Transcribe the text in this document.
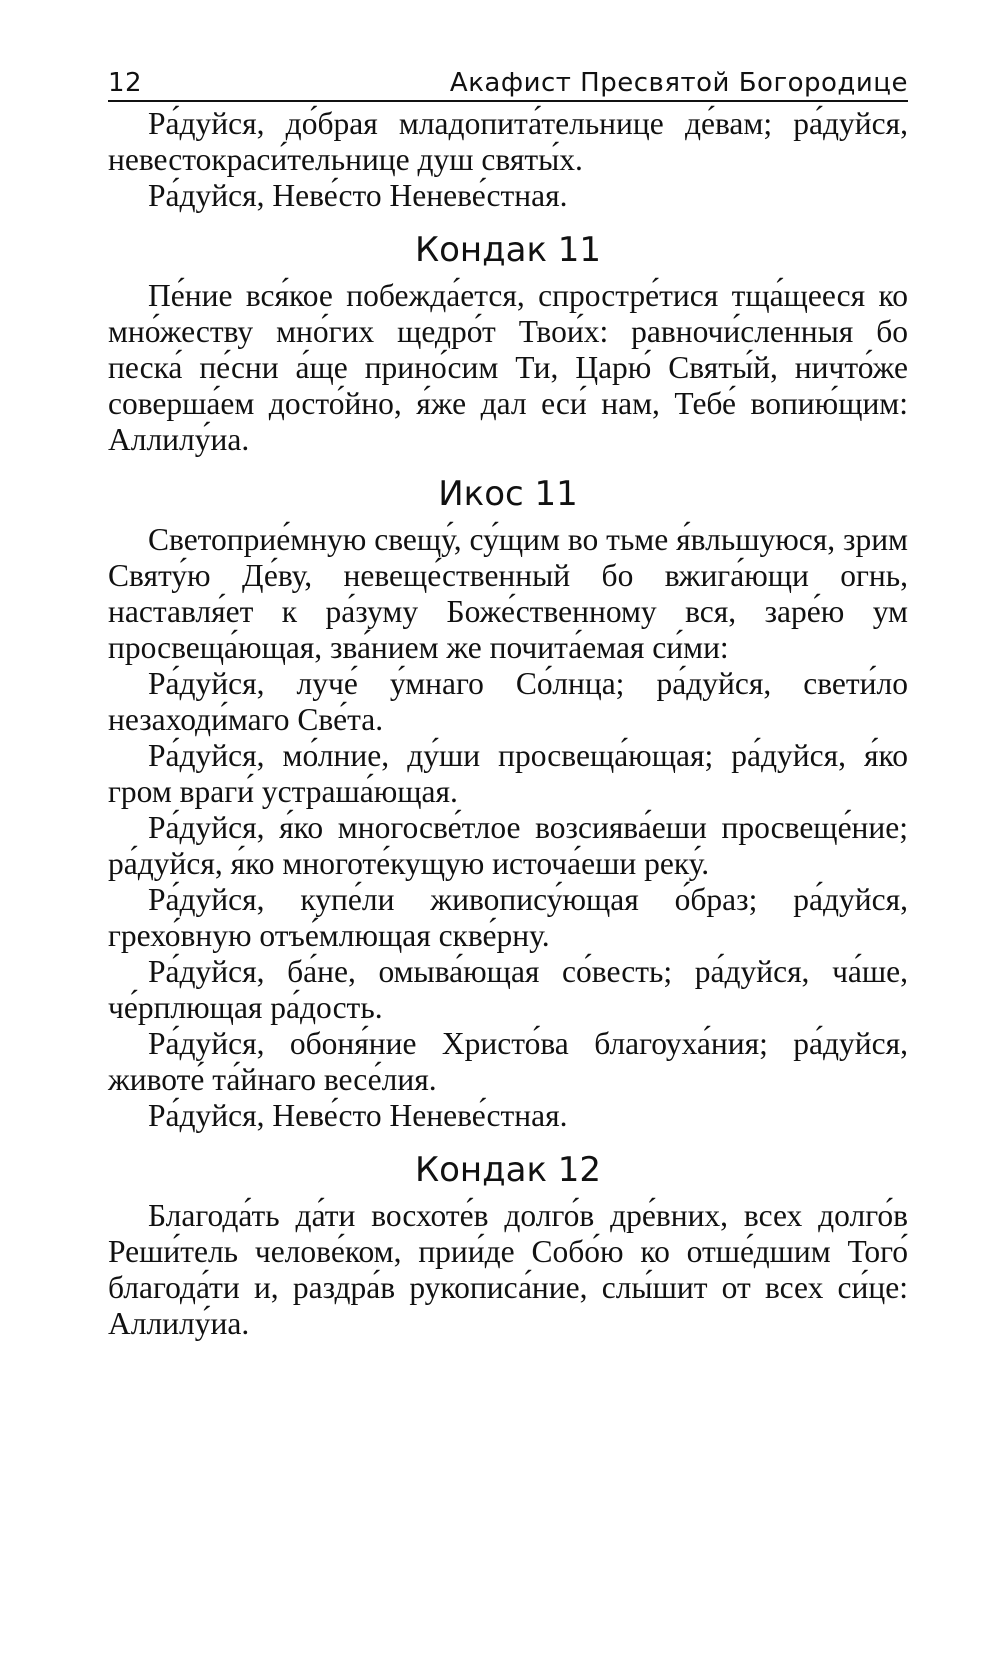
12	Акафист Пресвятой Богородице

Ра́дуйся, до́брая младопита́тельнице де́вам; ра́дуйся, невестокраси́тельнице душ святы́х.

Ра́дуйся, Неве́сто Неневе́стная.

Кондак 11

Пе́ние вся́кое побежда́ется, спростре́тися тща́щееся ко мно́жеству мно́гих щедро́т Твои́х: равночи́сленныя бо песка́ пе́сни а́ще прино́сим Ти, Царю́ Святы́й, ничто́же соверша́ем досто́йно, я́же дал еси́ нам, Тебе́ вопию́щим: Аллилу́иа.

Икос 11

Светоприе́мную свещу́, су́щим во тьме я́вльшуюся, зрим Святу́ю Де́ву, невеще́ственный бо вжига́ющи огнь, наставля́ет к ра́зуму Боже́ственному вся, заре́ю ум просвеща́ющая, зва́нием же почита́емая си́ми:

Ра́дуйся, луче́ у́мнаго Со́лнца; ра́дуйся, свети́ло незаходи́маго Све́та.

Ра́дуйся, мо́лние, ду́ши просвеща́ющая; ра́дуйся, я́ко гром враги́ устраша́ющая.

Ра́дуйся, я́ко многосве́тлое возсиява́еши просвеще́ние; ра́дуйся, я́ко многоте́кущую источа́еши реку́.

Ра́дуйся, купе́ли живопису́ющая о́браз; ра́дуйся, грехо́вную отъе́млющая скве́рну.

Ра́дуйся, ба́не, омыва́ющая со́весть; ра́дуйся, ча́ше, че́рплющая ра́дость.

Ра́дуйся, обоня́ние Христо́ва благоуха́ния; ра́дуйся, животе́ та́йнаго весе́лия.

Ра́дуйся, Неве́сто Неневе́стная.

Кондак 12

Благода́ть да́ти восхоте́в долго́в дре́вних, всех долго́в Реши́тель челове́ком, прии́де Собо́ю ко отше́дшим Того́ благода́ти и, раздра́в рукописа́ние, слы́шит от всех си́це: Аллилу́иа.
